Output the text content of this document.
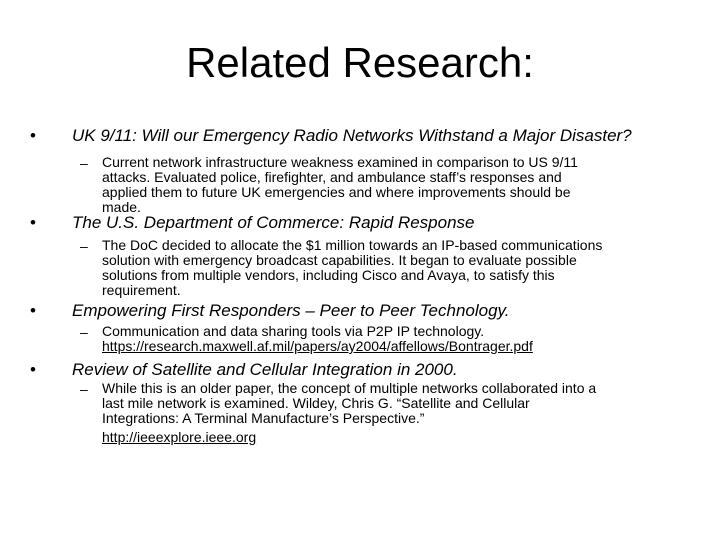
Related Research:
• UK 9/11: Will our Emergency Radio Networks Withstand a Major Disaster?
– Current network infrastructure weakness examined in comparison to US 9/11
attacks. Evaluated police, firefighter, and ambulance staff’s responses and
applied them to future UK emergencies and where improvements should be
made.
• The U.S. Department of Commerce: Rapid Response
– The DoC decided to allocate the $1 million towards an IP-based communications
solution with emergency broadcast capabilities. It began to evaluate possible
solutions from multiple vendors, including Cisco and Avaya, to satisfy this
requirement.
• Empowering First Responders – Peer to Peer Technology.
– Communication and data sharing tools via P2P IP technology.
https://research.maxwell.af.mil/papers/ay2004/affellows/Bontrager.pdf
• Review of Satellite and Cellular Integration in 2000.
– While this is an older paper, the concept of multiple networks collaborated into a
last mile network is examined. Wildey, Chris G. “Satellite and Cellular
Integrations: A Terminal Manufacture’s Perspective.”
http://ieeexplore.ieee.org
